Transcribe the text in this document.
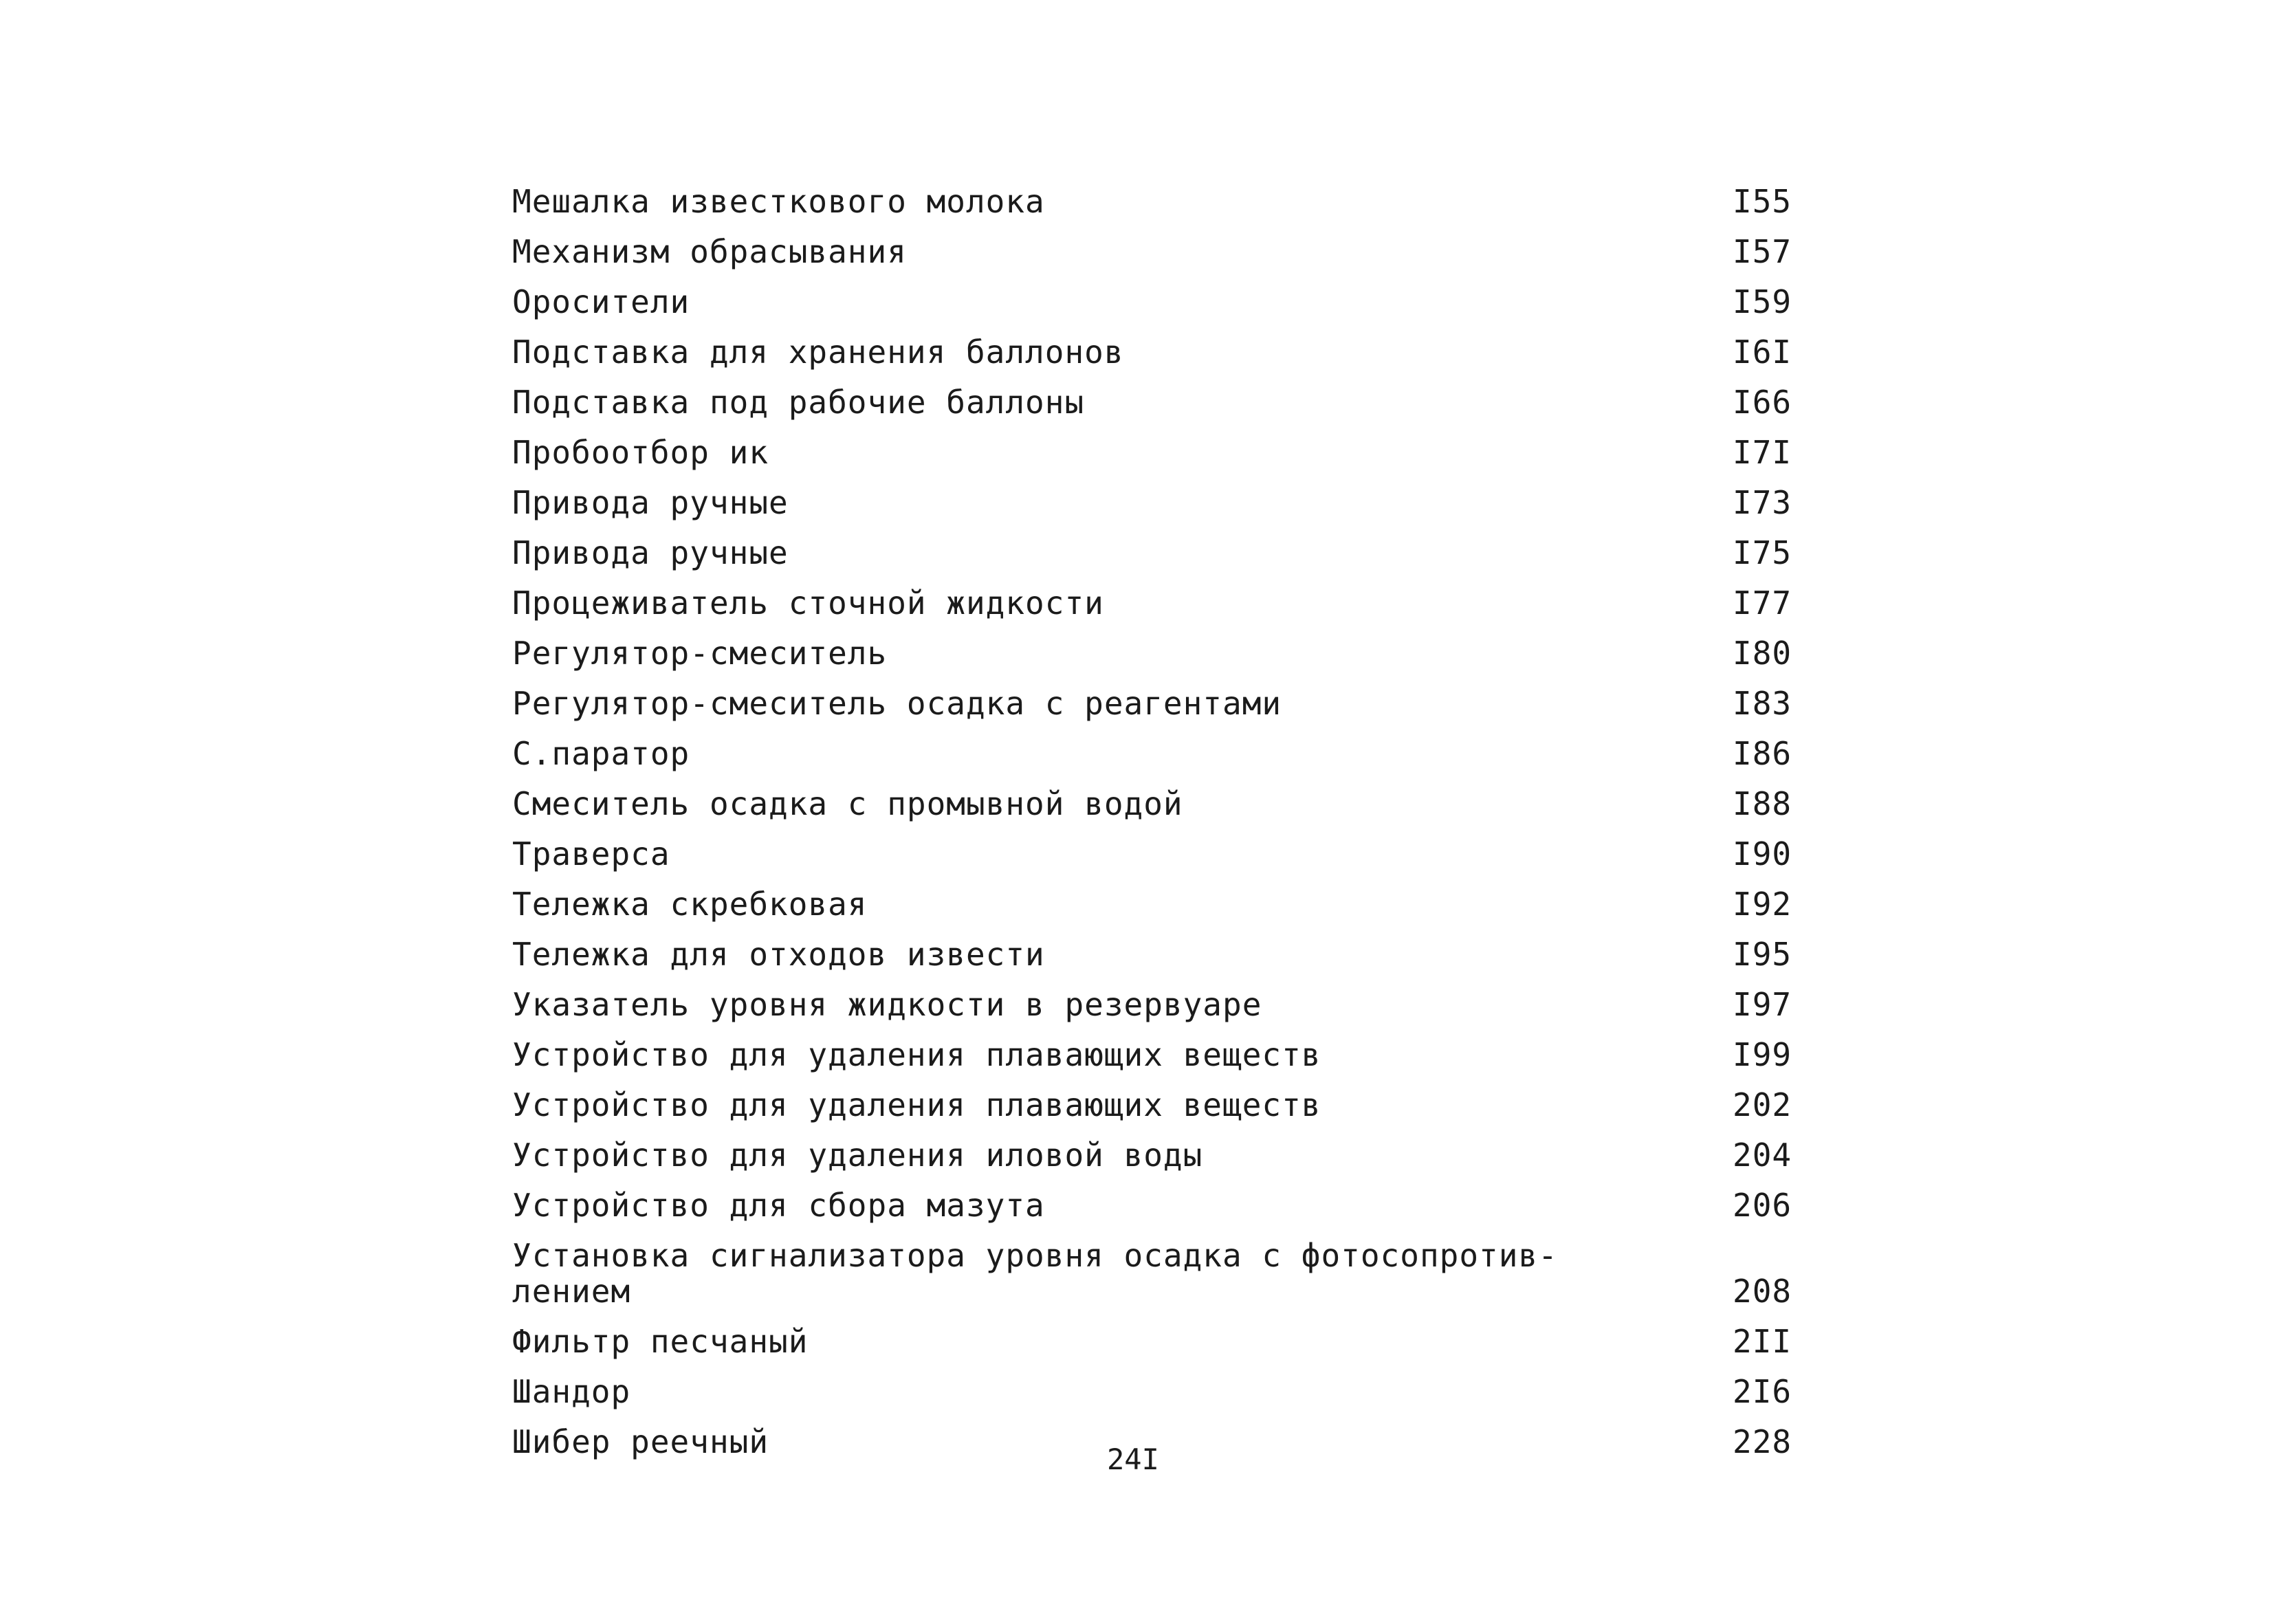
Мешалка известкового молока	I55
Механизм обрасывания	I57
Оросители	I59
Подставка для хранения баллонов	I6I
Подставка под рабочие баллоны	I66
Пробоотбор ик	I7I
Привода ручные	I73
Привода ручные	I75
Процеживатель сточной жидкости	I77
Регулятор-смеситель	I80
Регулятор-смеситель осадка с реагентами	I83
С.паратор	I86
Смеситель осадка с промывной водой	I88
Траверса	I90
Тележка скребковая	I92
Тележка для отходов извести	I95
Указатель уровня жидкости в резервуаре	I97
Устройство для удаления плавающих веществ	I99
Устройство для удаления плавающих веществ	202
Устройство для удаления иловой воды	204
Устройство для сбора мазута	206
Установка сигнализатора уровня осадка с фотосопротив-
лением	208
Фильтр песчаный	2II
Шандор	2I6
Шибер реечный	228
24I
